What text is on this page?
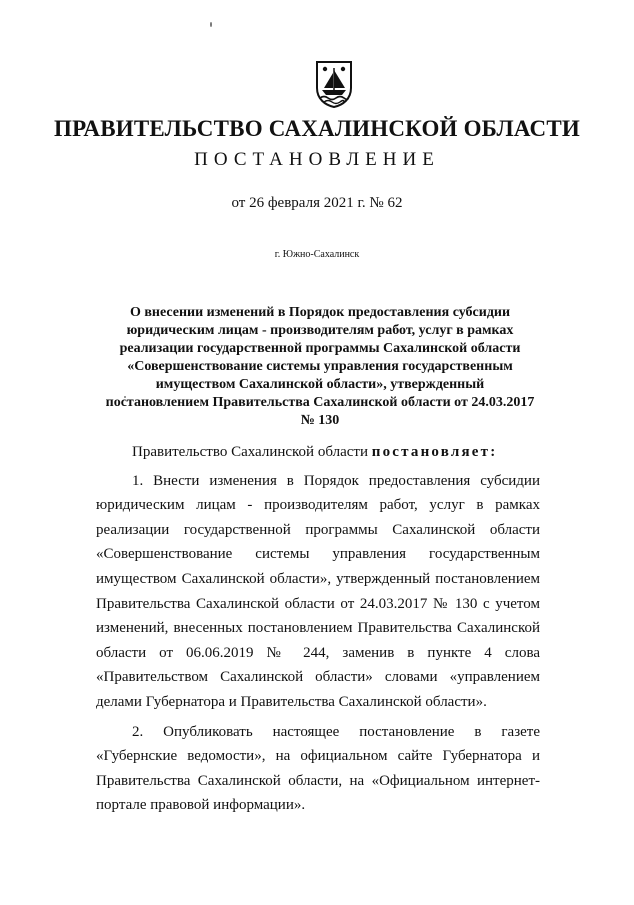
ПРАВИТЕЛЬСТВО САХАЛИНСКОЙ ОБЛАСТИ
ПОСТАНОВЛЕНИЕ
от 26 февраля 2021 г. № 62
г. Южно-Сахалинск
О внесении изменений в Порядок предоставления субсидии юридическим лицам - производителям работ, услуг в рамках реализации государственной программы Сахалинской области «Совершенствование системы управления государственным имуществом Сахалинской области», утвержденный постановлением Правительства Сахалинской области от 24.03.2017 № 130

Правительство Сахалинской области постановляет:

1. Внести изменения в Порядок предоставления субсидии юридическим лицам - производителям работ, услуг в рамках реализации государственной программы Сахалинской области «Совершенствование системы управления государственным имуществом Сахалинской области», утвержденный постановлением Правительства Сахалинской области от 24.03.2017 № 130 с учетом изменений, внесенных постановлением Правительства Сахалинской области от 06.06.2019 № 244, заменив в пункте 4 слова «Правительством Сахалинской области» словами «управлением делами Губернатора и Правительства Сахалинской области».

2. Опубликовать настоящее постановление в газете «Губернские ведомости», на официальном сайте Губернатора и Правительства Сахалинской области, на «Официальном интернет-портале правовой информации».
